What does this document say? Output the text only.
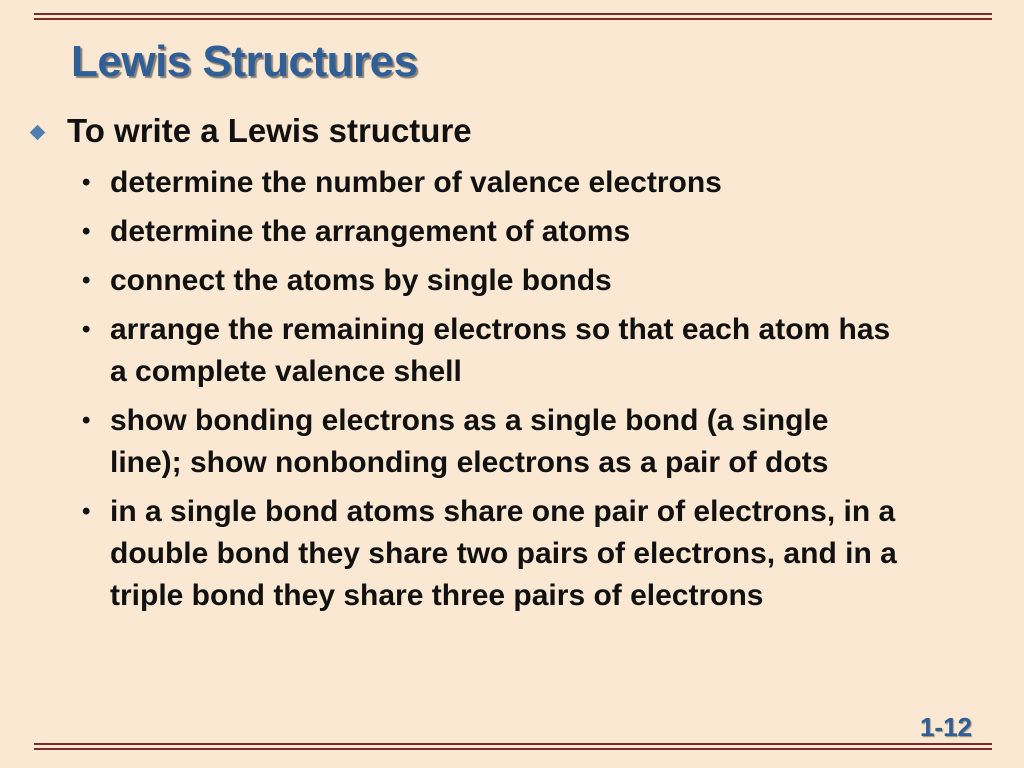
Lewis Structures
To write a Lewis structure
• determine the number of valence electrons
• determine the arrangement of atoms
• connect the atoms by single bonds
• arrange the remaining electrons so that each atom has
a complete valence shell
• show bonding electrons as a single bond (a single
line); show nonbonding electrons as a pair of dots
• in a single bond atoms share one pair of electrons, in a
double bond they share two pairs of electrons, and in a
triple bond they share three pairs of electrons
1-12
